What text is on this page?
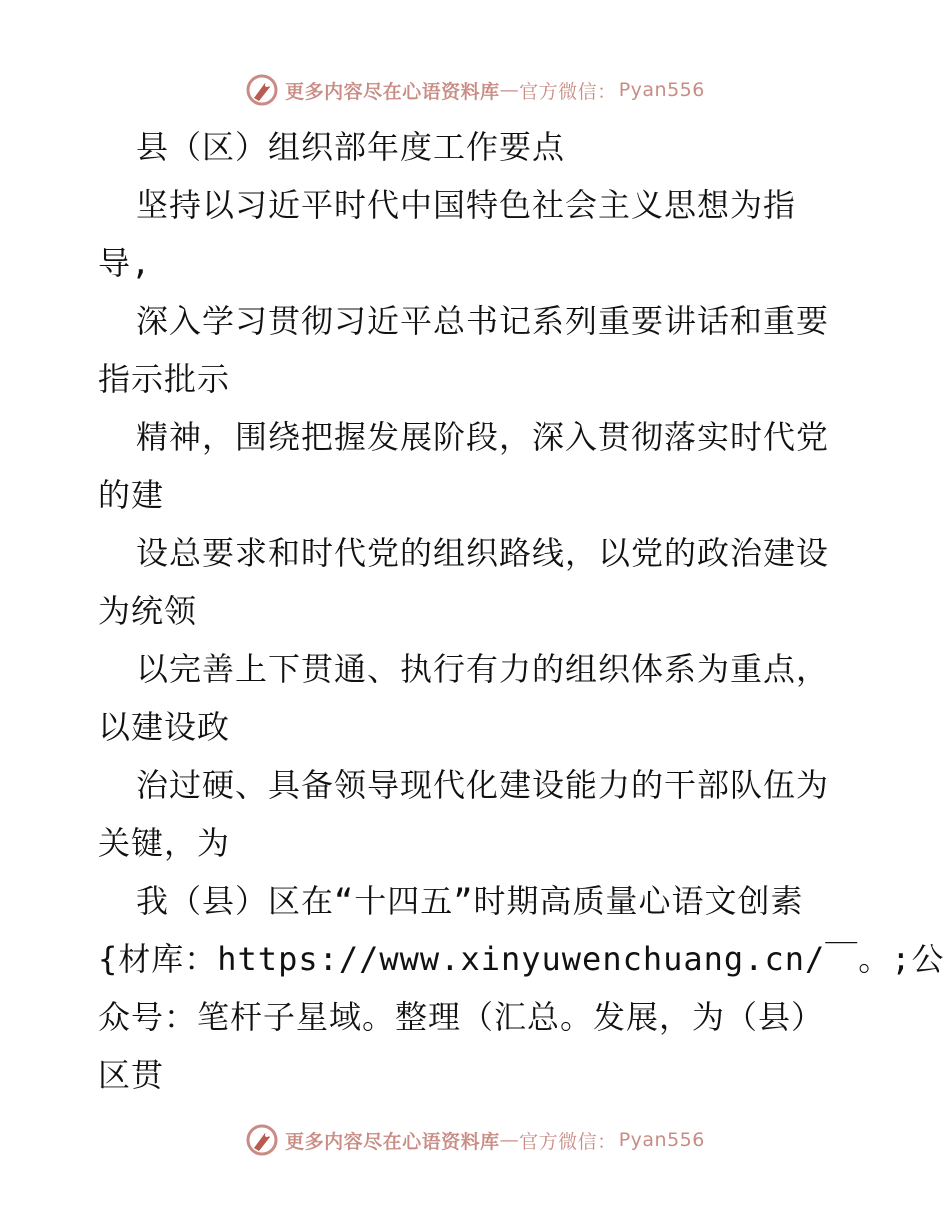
更多内容尽在心语资料库 — 官方微信： Pyan556
县（区）组织部年度工作要点
坚持以习近平时代中国特色社会主义思想为指
导,
深入学习贯彻习近平总书记系列重要讲话和重要
指示批示
精神，围绕把握发展阶段，深入贯彻落实时代党
的建
设总要求和时代党的组织路线，以党的政治建设
为统领
以完善上下贯通、执行有力的组织体系为重点，
以建设政
治过硬、具备领导现代化建设能力的干部队伍为
关键，为
我（县）区在“十四五”时期高质量心语文创素
{材库：https://www.xinyuwenchuang.cn/￣。;公
众号：笔杆子星域。整理（汇总。发展，为（县）
区贯
更多内容尽在心语资料库 — 官方微信： Pyan556
